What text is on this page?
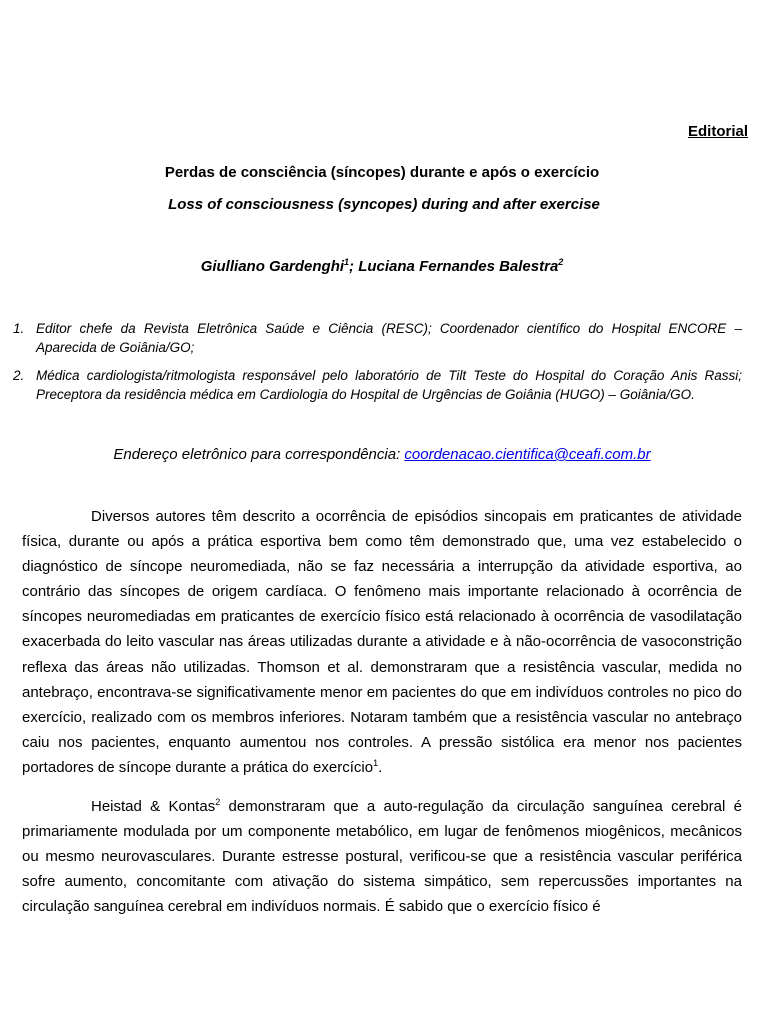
Editorial
Perdas de consciência (síncopes) durante e após o exercício
Loss of consciousness (syncopes) during and after exercise
Giulliano Gardenghi$^1$; Luciana Fernandes Balestra$^2$
1. Editor chefe da Revista Eletrônica Saúde e Ciência (RESC); Coordenador científico do Hospital ENCORE – Aparecida de Goiânia/GO;
2. Médica cardiologista/ritmologista responsável pelo laboratório de Tilt Teste do Hospital do Coração Anis Rassi; Preceptora da residência médica em Cardiologia do Hospital de Urgências de Goiânia (HUGO) – Goiânia/GO.
Endereço eletrônico para correspondência: coordenacao.cientifica@ceafi.com.br

Diversos autores têm descrito a ocorrência de episódios sincopais em praticantes de atividade física, durante ou após a prática esportiva bem como têm demonstrado que, uma vez estabelecido o diagnóstico de síncope neuromediada, não se faz necessária a interrupção da atividade esportiva, ao contrário das síncopes de origem cardíaca. O fenômeno mais importante relacionado à ocorrência de síncopes neuromediadas em praticantes de exercício físico está relacionado à ocorrência de vasodilatação exacerbada do leito vascular nas áreas utilizadas durante a atividade e à não-ocorrência de vasoconstrição reflexa das áreas não utilizadas. Thomson et al. demonstraram que a resistência vascular, medida no antebraço, encontrava-se significativamente menor em pacientes do que em indivíduos controles no pico do exercício, realizado com os membros inferiores. Notaram também que a resistência vascular no antebraço caiu nos pacientes, enquanto aumentou nos controles. A pressão sistólica era menor nos pacientes portadores de síncope durante a prática do exercício$^1$.

Heistad & Kontas$^2$ demonstraram que a auto-regulação da circulação sanguínea cerebral é primariamente modulada por um componente metabólico, em lugar de fenômenos miogênicos, mecânicos ou mesmo neurovasculares. Durante estresse postural, verificou-se que a resistência vascular periférica sofre aumento, concomitante com ativação do sistema simpático, sem repercussões importantes na circulação sanguínea cerebral em indivíduos normais. É sabido que o exercício físico é
